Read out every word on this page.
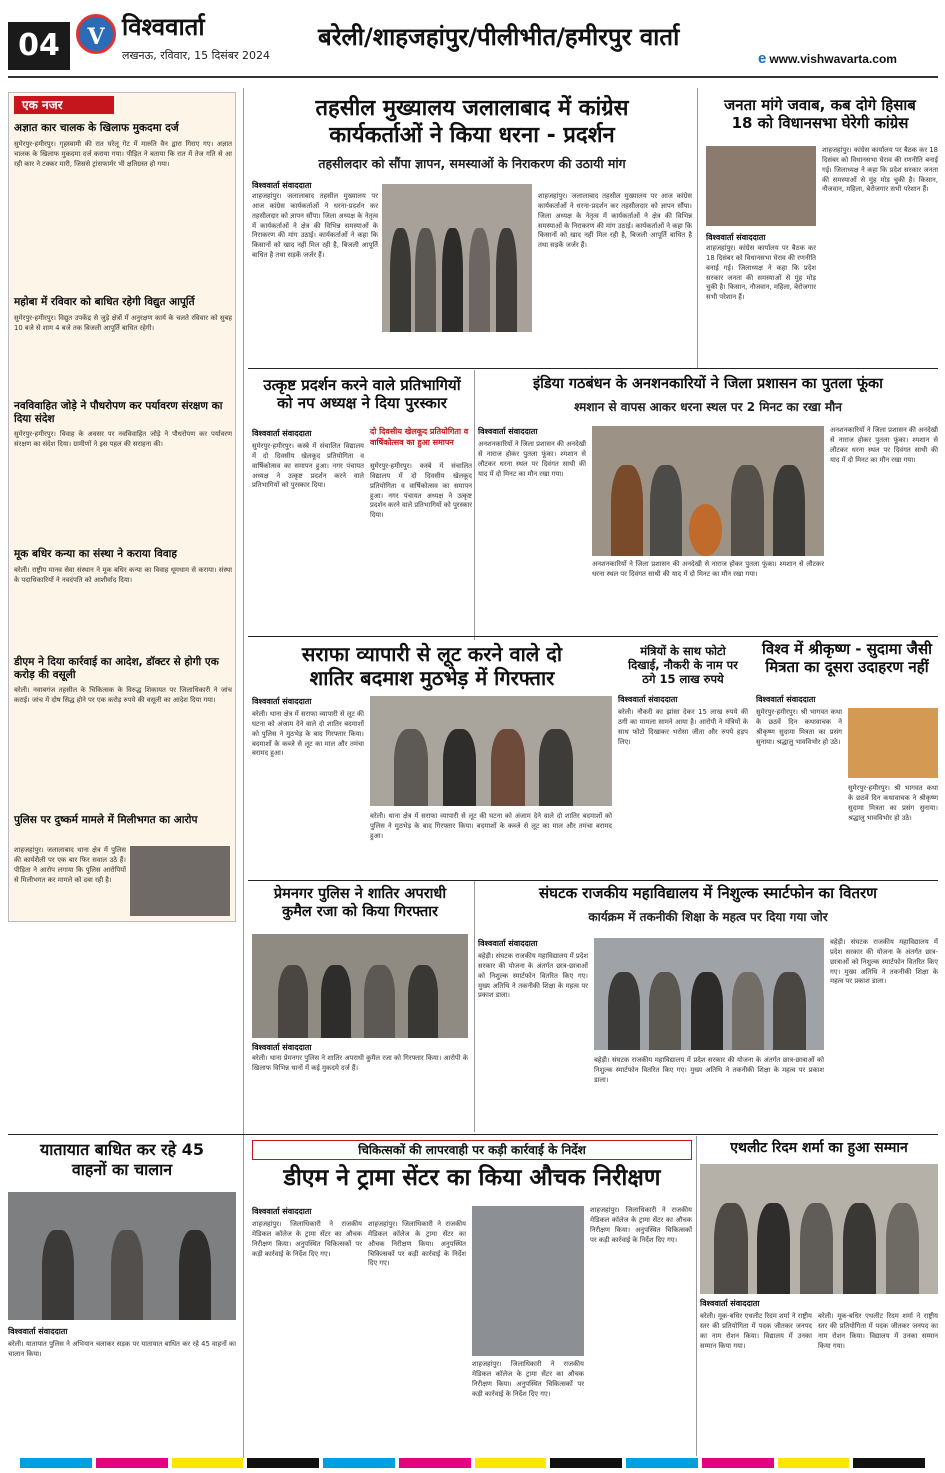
04	V विश्ववार्ता
लखनऊ, रविवार, 15 दिसंबर 2024
बरेली/शाहजहांपुर/पीलीभीत/हमीरपुर वार्ता
e www.vishwavarta.com
एक नजर
अज्ञात कार चालक के खिलाफ मुकदमा दर्ज
सुमेरपुर-हमीरपुर। गृहस्वामी की रात घरेलू गेट में मारुति वैन द्वारा गिराए गए। अज्ञात चालक के खिलाफ मुकदमा दर्ज कराया गया। पीड़ित ने बताया कि रात में तेज गति से आ रही कार ने टक्कर मारी, जिससे ट्रांसफार्मर भी क्षतिग्रस्त हो गया।
महोबा में रविवार को बाधित रहेगी विद्युत आपूर्ति
सुमेरपुर-हमीरपुर। विद्युत उपकेंद्र से जुड़े क्षेत्रों में अनुरक्षण कार्य के चलते रविवार को सुबह 10 बजे से शाम 4 बजे तक बिजली आपूर्ति बाधित रहेगी।
नवविवाहित जोड़े ने पौधरोपण कर पर्यावरण संरक्षण का दिया संदेश
सुमेरपुर-हमीरपुर। विवाह के अवसर पर नवविवाहित जोड़े ने पौधरोपण कर पर्यावरण संरक्षण का संदेश दिया। ग्रामीणों ने इस पहल की सराहना की।
मूक बधिर कन्या का संस्था ने कराया विवाह
बरेली। राष्ट्रीय मानव सेवा संस्थान ने मूक बधिर कन्या का विवाह धूमधाम से कराया। संस्था के पदाधिकारियों ने नवदंपति को आशीर्वाद दिया।
डीएम ने दिया कार्रवाई का आदेश, डॉक्टर से होगी एक करोड़ की वसूली
बरेली। नवाबगंज तहसील के चिकित्सक के विरुद्ध शिकायत पर जिलाधिकारी ने जांच कराई। जांच में दोष सिद्ध होने पर एक करोड़ रुपये की वसूली का आदेश दिया गया।
पुलिस पर दुष्कर्म मामले में मिलीभगत का आरोप
शाहजहांपुर। जलालाबाद थाना क्षेत्र में पुलिस की कार्यशैली पर एक बार फिर सवाल उठे हैं। पीड़िता ने आरोप लगाया कि पुलिस आरोपियों से मिलीभगत कर मामले को दबा रही है।
तहसील मुख्यालय जलालाबाद में कांग्रेस
कार्यकर्ताओं ने किया धरना - प्रदर्शन
तहसीलदार को सौंपा ज्ञापन, समस्याओं के निराकरण की उठायी मांग
विश्ववार्ता संवाददाता
शाहजहांपुर। जलालाबाद तहसील मुख्यालय पर आज कांग्रेस कार्यकर्ताओं ने धरना-प्रदर्शन कर तहसीलदार को ज्ञापन सौंपा। जिला अध्यक्ष के नेतृत्व में कार्यकर्ताओं ने क्षेत्र की विभिन्न समस्याओं के निराकरण की मांग उठाई। कार्यकर्ताओं ने कहा कि किसानों को खाद नहीं मिल रही है, बिजली आपूर्ति बाधित है तथा सड़कें जर्जर हैं।
शाहजहांपुर। जलालाबाद तहसील मुख्यालय पर आज कांग्रेस कार्यकर्ताओं ने धरना-प्रदर्शन कर तहसीलदार को ज्ञापन सौंपा। जिला अध्यक्ष के नेतृत्व में कार्यकर्ताओं ने क्षेत्र की विभिन्न समस्याओं के निराकरण की मांग उठाई। कार्यकर्ताओं ने कहा कि किसानों को खाद नहीं मिल रही है, बिजली आपूर्ति बाधित है तथा सड़कें जर्जर हैं।
जनता मांगे जवाब, कब दोगे हिसाब
18 को विधानसभा घेरेगी कांग्रेस
विश्ववार्ता संवाददाता
शाहजहांपुर। कांग्रेस कार्यालय पर बैठक कर 18 दिसंबर को विधानसभा घेराव की रणनीति बनाई गई। जिलाध्यक्ष ने कहा कि प्रदेश सरकार जनता की समस्याओं से मुंह मोड़ चुकी है। किसान, नौजवान, महिला, बेरोजगार सभी परेशान हैं।
शाहजहांपुर। कांग्रेस कार्यालय पर बैठक कर 18 दिसंबर को विधानसभा घेराव की रणनीति बनाई गई। जिलाध्यक्ष ने कहा कि प्रदेश सरकार जनता की समस्याओं से मुंह मोड़ चुकी है। किसान, नौजवान, महिला, बेरोजगार सभी परेशान हैं।
उत्कृष्ट प्रदर्शन करने वाले प्रतिभागियों
को नप अध्यक्ष ने दिया पुरस्कार
विश्ववार्ता संवाददाता	दो दिवसीय खेलकूद प्रतियोगिता व वार्षिकोत्सव का हुआ समापन
सुमेरपुर-हमीरपुर। कस्बे में संचालित विद्यालय में दो दिवसीय खेलकूद प्रतियोगिता व वार्षिकोत्सव का समापन हुआ। नगर पंचायत अध्यक्ष ने उत्कृष्ट प्रदर्शन करने वाले प्रतिभागियों को पुरस्कार दिया।
सुमेरपुर-हमीरपुर। कस्बे में संचालित विद्यालय में दो दिवसीय खेलकूद प्रतियोगिता व वार्षिकोत्सव का समापन हुआ। नगर पंचायत अध्यक्ष ने उत्कृष्ट प्रदर्शन करने वाले प्रतिभागियों को पुरस्कार दिया।
इंडिया गठबंधन के अनशनकारियों ने जिला प्रशासन का पुतला फूंका
श्मशान से वापस आकर धरना स्थल पर 2 मिनट का रखा मौन
विश्ववार्ता संवाददाता
अनशनकारियों ने जिला प्रशासन की अनदेखी से नाराज होकर पुतला फूंका। श्मशान से लौटकर धरना स्थल पर दिवंगत साथी की याद में दो मिनट का मौन रखा गया।
अनशनकारियों ने जिला प्रशासन की अनदेखी से नाराज होकर पुतला फूंका। श्मशान से लौटकर धरना स्थल पर दिवंगत साथी की याद में दो मिनट का मौन रखा गया।
अनशनकारियों ने जिला प्रशासन की अनदेखी से नाराज होकर पुतला फूंका। श्मशान से लौटकर धरना स्थल पर दिवंगत साथी की याद में दो मिनट का मौन रखा गया।
सराफा व्यापारी से लूट करने वाले दो
शातिर बदमाश मुठभेड़ में गिरफ्तार
विश्ववार्ता संवाददाता
बरेली। थाना क्षेत्र में सराफा व्यापारी से लूट की घटना को अंजाम देने वाले दो शातिर बदमाशों को पुलिस ने मुठभेड़ के बाद गिरफ्तार किया। बदमाशों के कब्जे से लूट का माल और तमंचा बरामद हुआ।
बरेली। थाना क्षेत्र में सराफा व्यापारी से लूट की घटना को अंजाम देने वाले दो शातिर बदमाशों को पुलिस ने मुठभेड़ के बाद गिरफ्तार किया। बदमाशों के कब्जे से लूट का माल और तमंचा बरामद हुआ।
मंत्रियों के साथ फोटो
दिखाई, नौकरी के नाम पर
ठगे 15 लाख रुपये
विश्ववार्ता संवाददाता
बरेली। नौकरी का झांसा देकर 15 लाख रुपये की ठगी का मामला सामने आया है। आरोपी ने मंत्रियों के साथ फोटो दिखाकर भरोसा जीता और रुपये हड़प लिए।
विश्व में श्रीकृष्ण - सुदामा जैसी
मित्रता का दूसरा उदाहरण नहीं
विश्ववार्ता संवाददाता
सुमेरपुर-हमीरपुर। श्री भागवत कथा के छठवें दिन कथावाचक ने श्रीकृष्ण सुदामा मित्रता का प्रसंग सुनाया। श्रद्धालु भावविभोर हो उठे।
सुमेरपुर-हमीरपुर। श्री भागवत कथा के छठवें दिन कथावाचक ने श्रीकृष्ण सुदामा मित्रता का प्रसंग सुनाया। श्रद्धालु भावविभोर हो उठे।
प्रेमनगर पुलिस ने शातिर अपराधी
कुमैल रजा को किया गिरफ्तार
विश्ववार्ता संवाददाता
बरेली। थाना प्रेमनगर पुलिस ने शातिर अपराधी कुमैल रजा को गिरफ्तार किया। आरोपी के खिलाफ विभिन्न थानों में कई मुकदमे दर्ज हैं।
संघटक राजकीय महाविद्यालय में निशुल्क स्मार्टफोन का वितरण
कार्यक्रम में तकनीकी शिक्षा के महत्व पर दिया गया जोर
विश्ववार्ता संवाददाता
बहेड़ी। संघटक राजकीय महाविद्यालय में प्रदेश सरकार की योजना के अंतर्गत छात्र-छात्राओं को निशुल्क स्मार्टफोन वितरित किए गए। मुख्य अतिथि ने तकनीकी शिक्षा के महत्व पर प्रकाश डाला।
बहेड़ी। संघटक राजकीय महाविद्यालय में प्रदेश सरकार की योजना के अंतर्गत छात्र-छात्राओं को निशुल्क स्मार्टफोन वितरित किए गए। मुख्य अतिथि ने तकनीकी शिक्षा के महत्व पर प्रकाश डाला।
बहेड़ी। संघटक राजकीय महाविद्यालय में प्रदेश सरकार की योजना के अंतर्गत छात्र-छात्राओं को निशुल्क स्मार्टफोन वितरित किए गए। मुख्य अतिथि ने तकनीकी शिक्षा के महत्व पर प्रकाश डाला।
यातायात बाधित कर रहे 45
वाहनों का चालान
विश्ववार्ता संवाददाता
बरेली। यातायात पुलिस ने अभियान चलाकर सड़क पर यातायात बाधित कर रहे 45 वाहनों का चालान किया।
चिकित्सकों की लापरवाही पर कड़ी कार्रवाई के निर्देश
डीएम ने ट्रामा सेंटर का किया औचक निरीक्षण
विश्ववार्ता संवाददाता
शाहजहांपुर। जिलाधिकारी ने राजकीय मेडिकल कॉलेज के ट्रामा सेंटर का औचक निरीक्षण किया। अनुपस्थित चिकित्सकों पर कड़ी कार्रवाई के निर्देश दिए गए।
शाहजहांपुर। जिलाधिकारी ने राजकीय मेडिकल कॉलेज के ट्रामा सेंटर का औचक निरीक्षण किया। अनुपस्थित चिकित्सकों पर कड़ी कार्रवाई के निर्देश दिए गए।
शाहजहांपुर। जिलाधिकारी ने राजकीय मेडिकल कॉलेज के ट्रामा सेंटर का औचक निरीक्षण किया। अनुपस्थित चिकित्सकों पर कड़ी कार्रवाई के निर्देश दिए गए।
शाहजहांपुर। जिलाधिकारी ने राजकीय मेडिकल कॉलेज के ट्रामा सेंटर का औचक निरीक्षण किया। अनुपस्थित चिकित्सकों पर कड़ी कार्रवाई के निर्देश दिए गए।
एथलीट रिदम शर्मा का हुआ सम्मान
विश्ववार्ता संवाददाता
बरेली। मूक-बधिर एथलीट रिदम शर्मा ने राष्ट्रीय स्तर की प्रतियोगिता में पदक जीतकर जनपद का नाम रोशन किया। विद्यालय में उनका सम्मान किया गया।
बरेली। मूक-बधिर एथलीट रिदम शर्मा ने राष्ट्रीय स्तर की प्रतियोगिता में पदक जीतकर जनपद का नाम रोशन किया। विद्यालय में उनका सम्मान किया गया।
